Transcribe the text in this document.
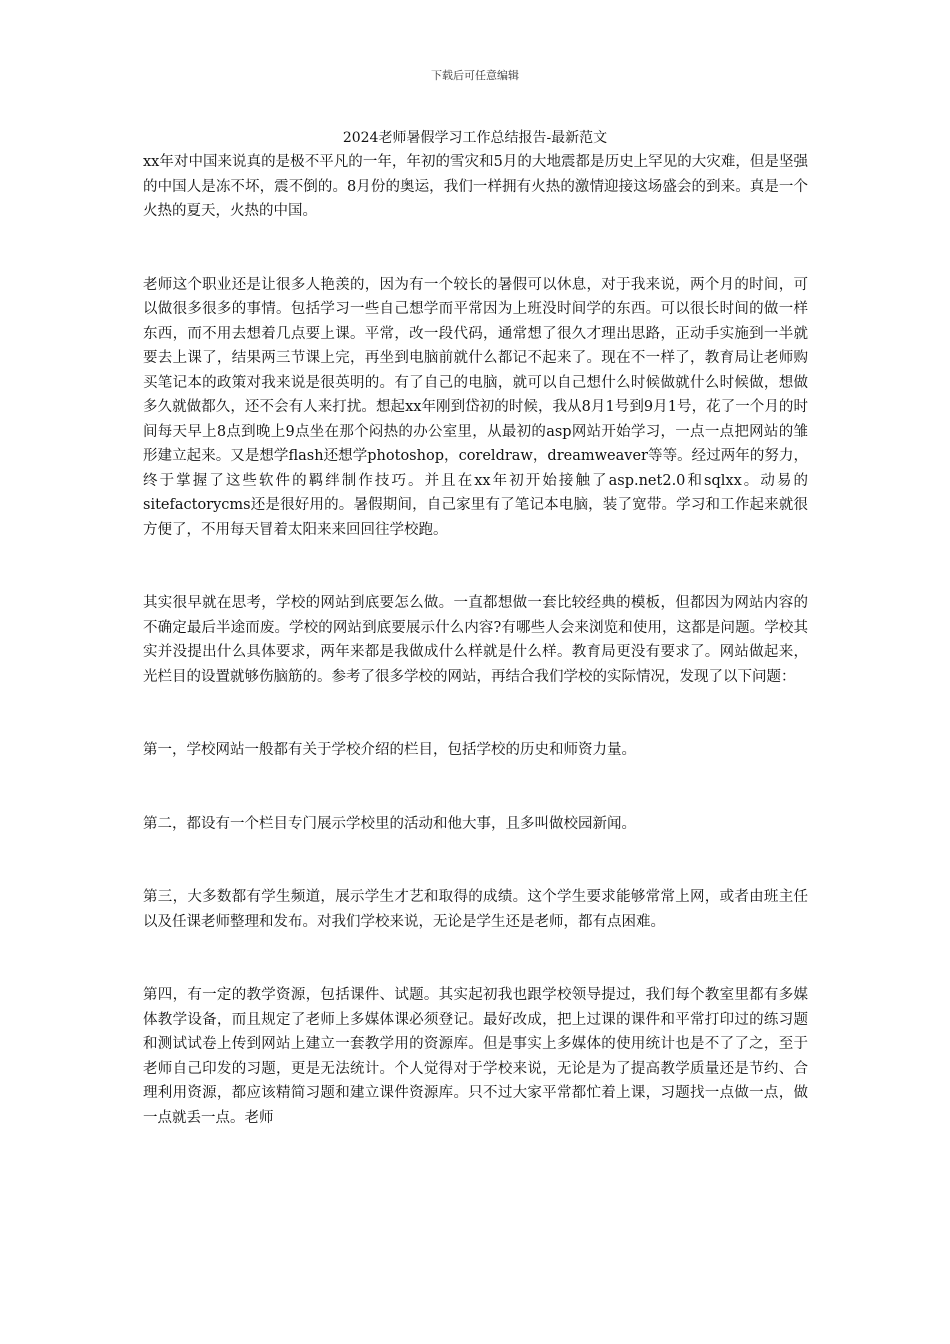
下载后可任意编辑
2024老师暑假学习工作总结报告-最新范文

xx年对中国来说真的是极不平凡的一年，年初的雪灾和5月的大地震都是历史上罕见的大灾难，但是坚强的中国人是冻不坏，震不倒的。8月份的奥运，我们一样拥有火热的激情迎接这场盛会的到来。真是一个火热的夏天，火热的中国。

老师这个职业还是让很多人艳羡的，因为有一个较长的暑假可以休息，对于我来说，两个月的时间，可以做很多很多的事情。包括学习一些自己想学而平常因为上班没时间学的东西。可以很长时间的做一样东西，而不用去想着几点要上课。平常，改一段代码，通常想了很久才理出思路，正动手实施到一半就要去上课了，结果两三节课上完，再坐到电脑前就什么都记不起来了。现在不一样了，教育局让老师购买笔记本的政策对我来说是很英明的。有了自己的电脑，就可以自己想什么时候做就什么时候做，想做多久就做都久，还不会有人来打扰。想起xx年刚到岱初的时候，我从8月1号到9月1号，花了一个月的时间每天早上8点到晚上9点坐在那个闷热的办公室里，从最初的asp网站开始学习，一点一点把网站的雏形建立起来。又是想学flash还想学photoshop，coreldraw，dreamweaver等等。经过两年的努力，终于掌握了这些软件的羁绊制作技巧。并且在xx年初开始接触了asp.net2.0和sqlxx。动易的sitefactorycms还是很好用的。暑假期间，自己家里有了笔记本电脑，装了宽带。学习和工作起来就很方便了，不用每天冒着太阳来来回回往学校跑。

其实很早就在思考，学校的网站到底要怎么做。一直都想做一套比较经典的模板，但都因为网站内容的不确定最后半途而废。学校的网站到底要展示什么内容?有哪些人会来浏览和使用，这都是问题。学校其实并没提出什么具体要求，两年来都是我做成什么样就是什么样。教育局更没有要求了。网站做起来，光栏目的设置就够伤脑筋的。参考了很多学校的网站，再结合我们学校的实际情况，发现了以下问题：

第一，学校网站一般都有关于学校介绍的栏目，包括学校的历史和师资力量。

第二，都设有一个栏目专门展示学校里的活动和他大事，且多叫做校园新闻。

第三，大多数都有学生频道，展示学生才艺和取得的成绩。这个学生要求能够常常上网，或者由班主任以及任课老师整理和发布。对我们学校来说，无论是学生还是老师，都有点困难。

第四，有一定的教学资源，包括课件、试题。其实起初我也跟学校领导提过，我们每个教室里都有多媒体教学设备，而且规定了老师上多媒体课必须登记。最好改成，把上过课的课件和平常打印过的练习题和测试试卷上传到网站上建立一套教学用的资源库。但是事实上多媒体的使用统计也是不了了之，至于老师自己印发的习题，更是无法统计。个人觉得对于学校来说，无论是为了提高教学质量还是节约、合理利用资源，都应该精简习题和建立课件资源库。只不过大家平常都忙着上课，习题找一点做一点，做一点就丢一点。老师
